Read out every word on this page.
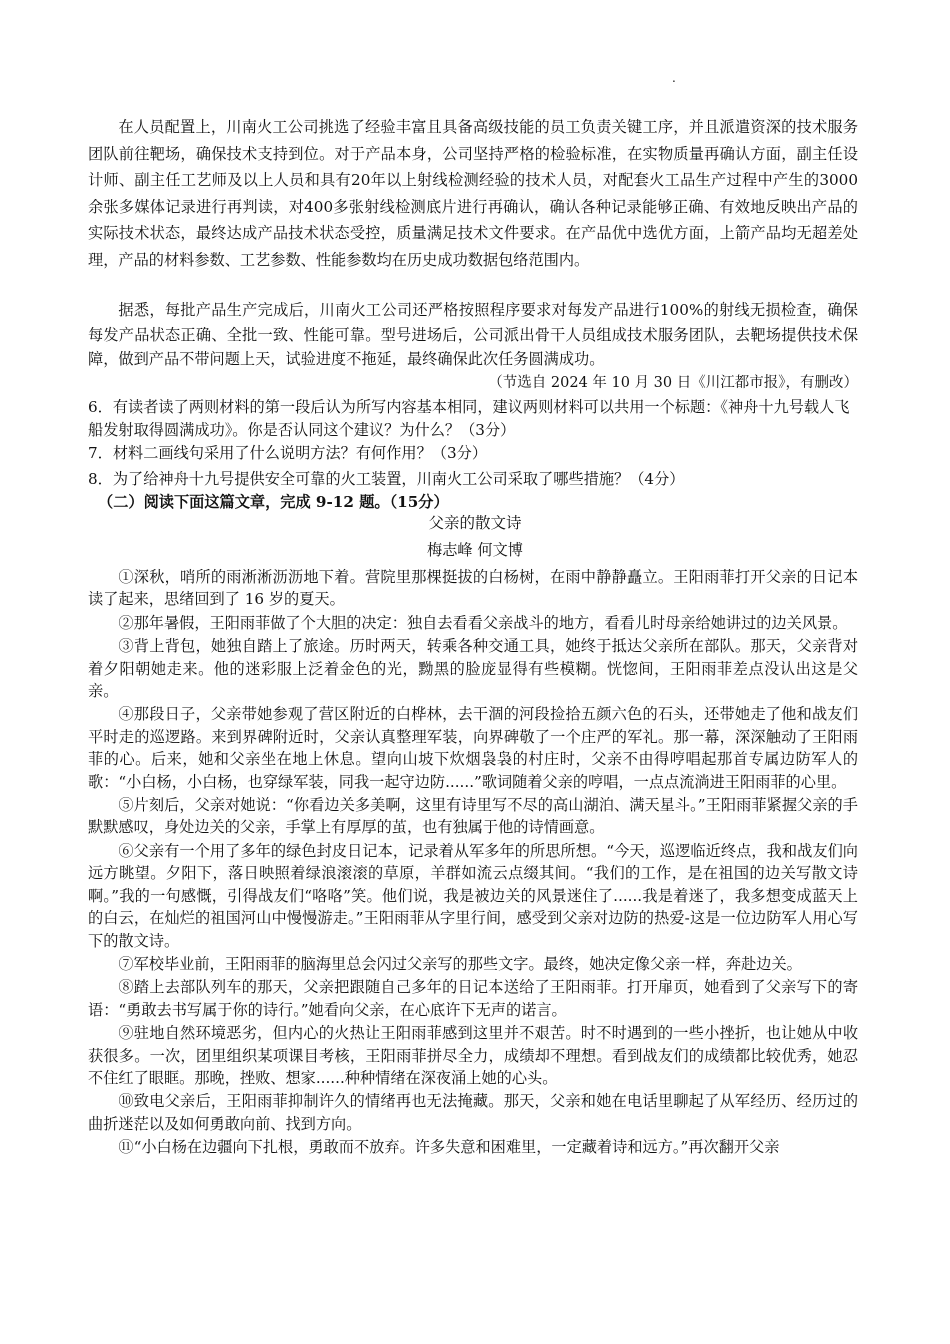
.

在人员配置上，川南火工公司挑选了经验丰富且具备高级技能的员工负责关键工序，并且派遣资深的技术服务团队前往靶场，确保技术支持到位。对于产品本身，公司坚持严格的检验标准，在实物质量再确认方面，副主任设计师、副主任工艺师及以上人员和具有20年以上射线检测经验的技术人员，对配套火工品生产过程中产生的3000余张多媒体记录进行再判读，对400多张射线检测底片进行再确认，确认各种记录能够正确、有效地反映出产品的实际技术状态，最终达成产品技术状态受控，质量满足技术文件要求。在产品优中选优方面，上箭产品均无超差处理，产品的材料参数、工艺参数、性能参数均在历史成功数据包络范围内。

据悉，每批产品生产完成后，川南火工公司还严格按照程序要求对每发产品进行100%的射线无损检查，确保每发产品状态正确、全批一致、性能可靠。型号进场后，公司派出骨干人员组成技术服务团队，去靶场提供技术保障，做到产品不带问题上天，试验进度不拖延，最终确保此次任务圆满成功。

（节选自 2024 年 10 月 30 日《川江都市报》，有删改）

6．有读者读了两则材料的第一段后认为所写内容基本相同，建议两则材料可以共用一个标题：《神舟十九号载人飞船发射取得圆满成功》。你是否认同这个建议？为什么？（3分）

7．材料二画线句采用了什么说明方法？有何作用？（3分）

8．为了给神舟十九号提供安全可靠的火工装置，川南火工公司采取了哪些措施？（4分）

（二）阅读下面这篇文章，完成 9-12 题。（15分）
父亲的散文诗
梅志峰 何文博

①深秋，哨所的雨淅淅沥沥地下着。营院里那棵挺拔的白杨树，在雨中静静矗立。王阳雨菲打开父亲的日记本读了起来，思绪回到了 16 岁的夏天。

②那年暑假，王阳雨菲做了个大胆的决定：独自去看看父亲战斗的地方，看看儿时母亲给她讲过的边关风景。

③背上背包，她独自踏上了旅途。历时两天，转乘各种交通工具，她终于抵达父亲所在部队。那天，父亲背对着夕阳朝她走来。他的迷彩服上泛着金色的光，黝黑的脸庞显得有些模糊。恍惚间，王阳雨菲差点没认出这是父亲。

④那段日子，父亲带她参观了营区附近的白桦林，去干涸的河段捡拾五颜六色的石头，还带她走了他和战友们平时走的巡逻路。来到界碑附近时，父亲认真整理军装，向界碑敬了一个庄严的军礼。那一幕，深深触动了王阳雨菲的心。后来，她和父亲坐在地上休息。望向山坡下炊烟袅袅的村庄时，父亲不由得哼唱起那首专属边防军人的歌：“小白杨，小白杨，也穿绿军装，同我一起守边防......”歌词随着父亲的哼唱，一点点流淌进王阳雨菲的心里。

⑤片刻后，父亲对她说：“你看边关多美啊，这里有诗里写不尽的高山湖泊、满天星斗。”王阳雨菲紧握父亲的手默默感叹，身处边关的父亲，手掌上有厚厚的茧，也有独属于他的诗情画意。

⑥父亲有一个用了多年的绿色封皮日记本，记录着从军多年的所思所想。“今天，巡逻临近终点，我和战友们向远方眺望。夕阳下，落日映照着绿浪滚滚的草原，羊群如流云点缀其间。“我们的工作，是在祖国的边关写散文诗啊。”我的一句感慨，引得战友们“咯咯”笑。他们说，我是被边关的风景迷住了......我是着迷了，我多想变成蓝天上的白云，在灿烂的祖国河山中慢慢游走。”王阳雨菲从字里行间，感受到父亲对边防的热爱-这是一位边防军人用心写下的散文诗。

⑦军校毕业前，王阳雨菲的脑海里总会闪过父亲写的那些文字。最终，她决定像父亲一样，奔赴边关。

⑧踏上去部队列车的那天，父亲把跟随自己多年的日记本送给了王阳雨菲。打开扉页，她看到了父亲写下的寄语：“勇敢去书写属于你的诗行。”她看向父亲，在心底许下无声的诺言。

⑨驻地自然环境恶劣，但内心的火热让王阳雨菲感到这里并不艰苦。时不时遇到的一些小挫折，也让她从中收获很多。一次，团里组织某项课目考核，王阳雨菲拼尽全力，成绩却不理想。看到战友们的成绩都比较优秀，她忍不住红了眼眶。那晚，挫败、想家......种种情绪在深夜涌上她的心头。

⑩致电父亲后，王阳雨菲抑制许久的情绪再也无法掩藏。那天，父亲和她在电话里聊起了从军经历、经历过的曲折迷茫以及如何勇敢向前、找到方向。

⑪“小白杨在边疆向下扎根，勇敢而不放弃。许多失意和困难里，一定藏着诗和远方。”再次翻开父亲
